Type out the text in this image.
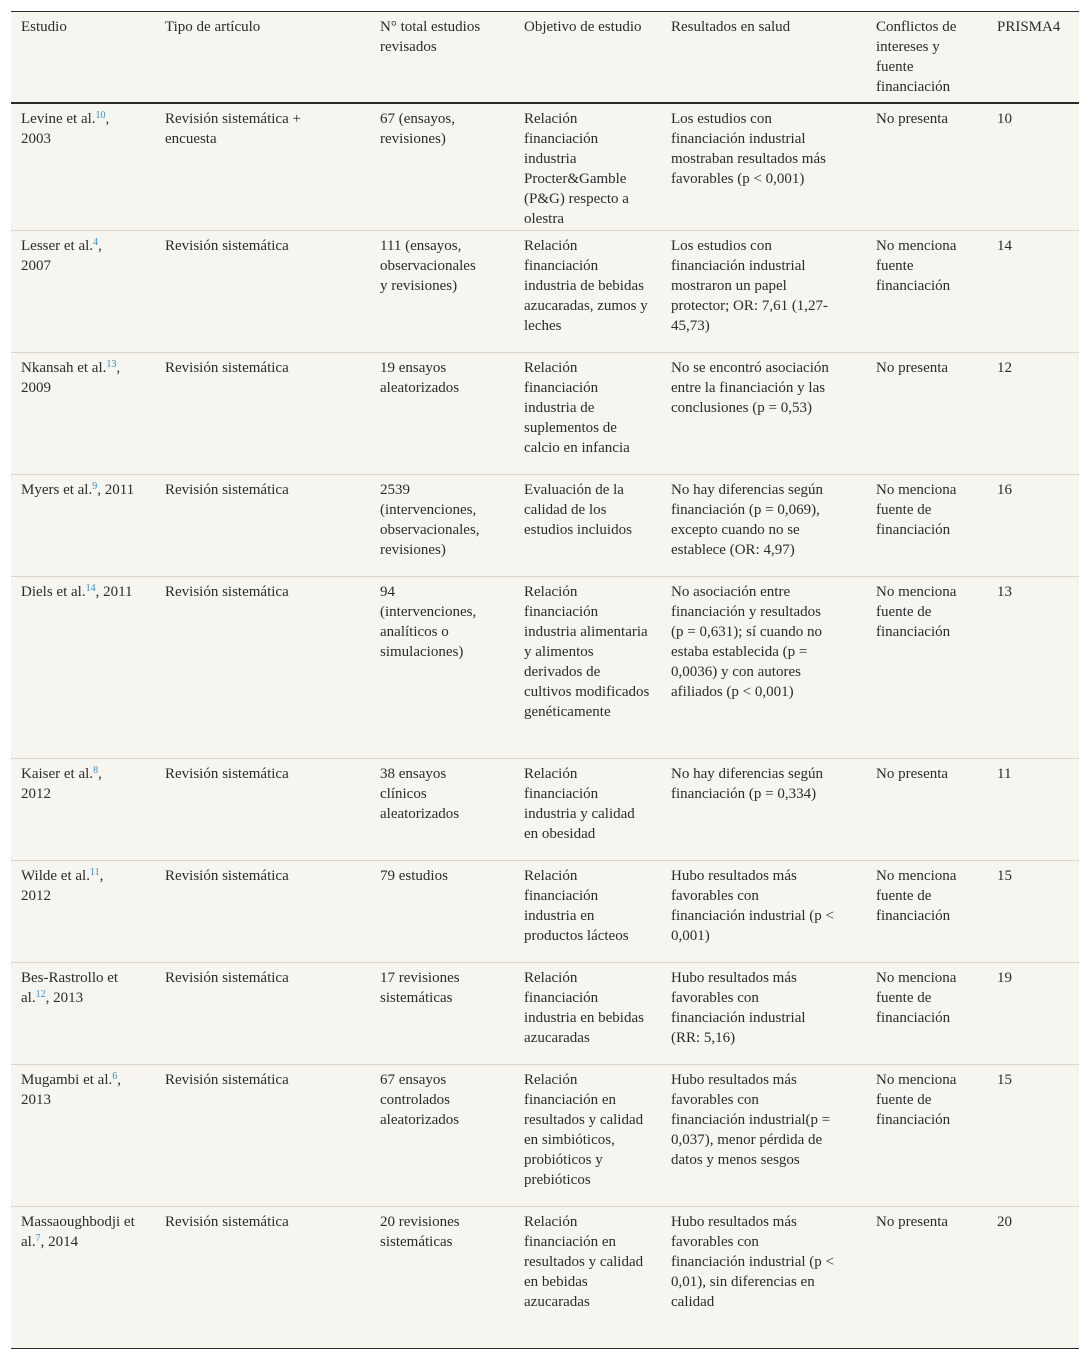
Estudio	Tipo de artículo	N° total estudios revisados	Objetivo de estudio	Resultados en salud	Conflictos de intereses y fuente financiación	PRISMA4
Levine et al.$^{10}$, 2003	Revisión sistemática + encuesta	67 (ensayos, revisiones)	Relación financiación industria Procter&Gamble (P&G) respecto a olestra	Los estudios con financiación industrial mostraban resultados más favorables (p < 0,001)	No presenta	10
Lesser et al.$^4$, 2007	Revisión sistemática	111 (ensayos, observacionales y revisiones)	Relación financiación industria de bebidas azucaradas, zumos y leches	Los estudios con financiación industrial mostraron un papel protector; OR: 7,61 (1,27-45,73)	No menciona fuente financiación	14
Nkansah et al.$^{13}$, 2009	Revisión sistemática	19 ensayos aleatorizados	Relación financiación industria de suplementos de calcio en infancia	No se encontró asociación entre la financiación y las conclusiones (p = 0,53)	No presenta	12
Myers et al.$^9$, 2011	Revisión sistemática	2539 (intervenciones, observacionales, revisiones)	Evaluación de la calidad de los estudios incluidos	No hay diferencias según financiación (p = 0,069), excepto cuando no se establece (OR: 4,97)	No menciona fuente de financiación	16
Diels et al.$^{14}$, 2011	Revisión sistemática	94 (intervenciones, analíticos o simulaciones)	Relación financiación industria alimentaria y alimentos derivados de cultivos modificados genéticamente	No asociación entre financiación y resultados (p = 0,631); sí cuando no estaba establecida (p = 0,0036) y con autores afiliados (p < 0,001)	No menciona fuente de financiación	13
Kaiser et al.$^8$, 2012	Revisión sistemática	38 ensayos clínicos aleatorizados	Relación financiación industria y calidad en obesidad	No hay diferencias según financiación (p = 0,334)	No presenta	11
Wilde et al.$^{11}$, 2012	Revisión sistemática	79 estudios	Relación financiación industria en productos lácteos	Hubo resultados más favorables con financiación industrial (p < 0,001)	No menciona fuente de financiación	15
Bes-Rastrollo et al.$^{12}$, 2013	Revisión sistemática	17 revisiones sistemáticas	Relación financiación industria en bebidas azucaradas	Hubo resultados más favorables con financiación industrial (RR: 5,16)	No menciona fuente de financiación	19
Mugambi et al.$^6$, 2013	Revisión sistemática	67 ensayos controlados aleatorizados	Relación financiación en resultados y calidad en simbióticos, probióticos y prebióticos	Hubo resultados más favorables con financiación industrial(p = 0,037), menor pérdida de datos y menos sesgos	No menciona fuente de financiación	15
Massaoughbodji et al.$^7$, 2014	Revisión sistemática	20 revisiones sistemáticas	Relación financiación en resultados y calidad en bebidas azucaradas	Hubo resultados más favorables con financiación industrial (p < 0,01), sin diferencias en calidad	No presenta	20
